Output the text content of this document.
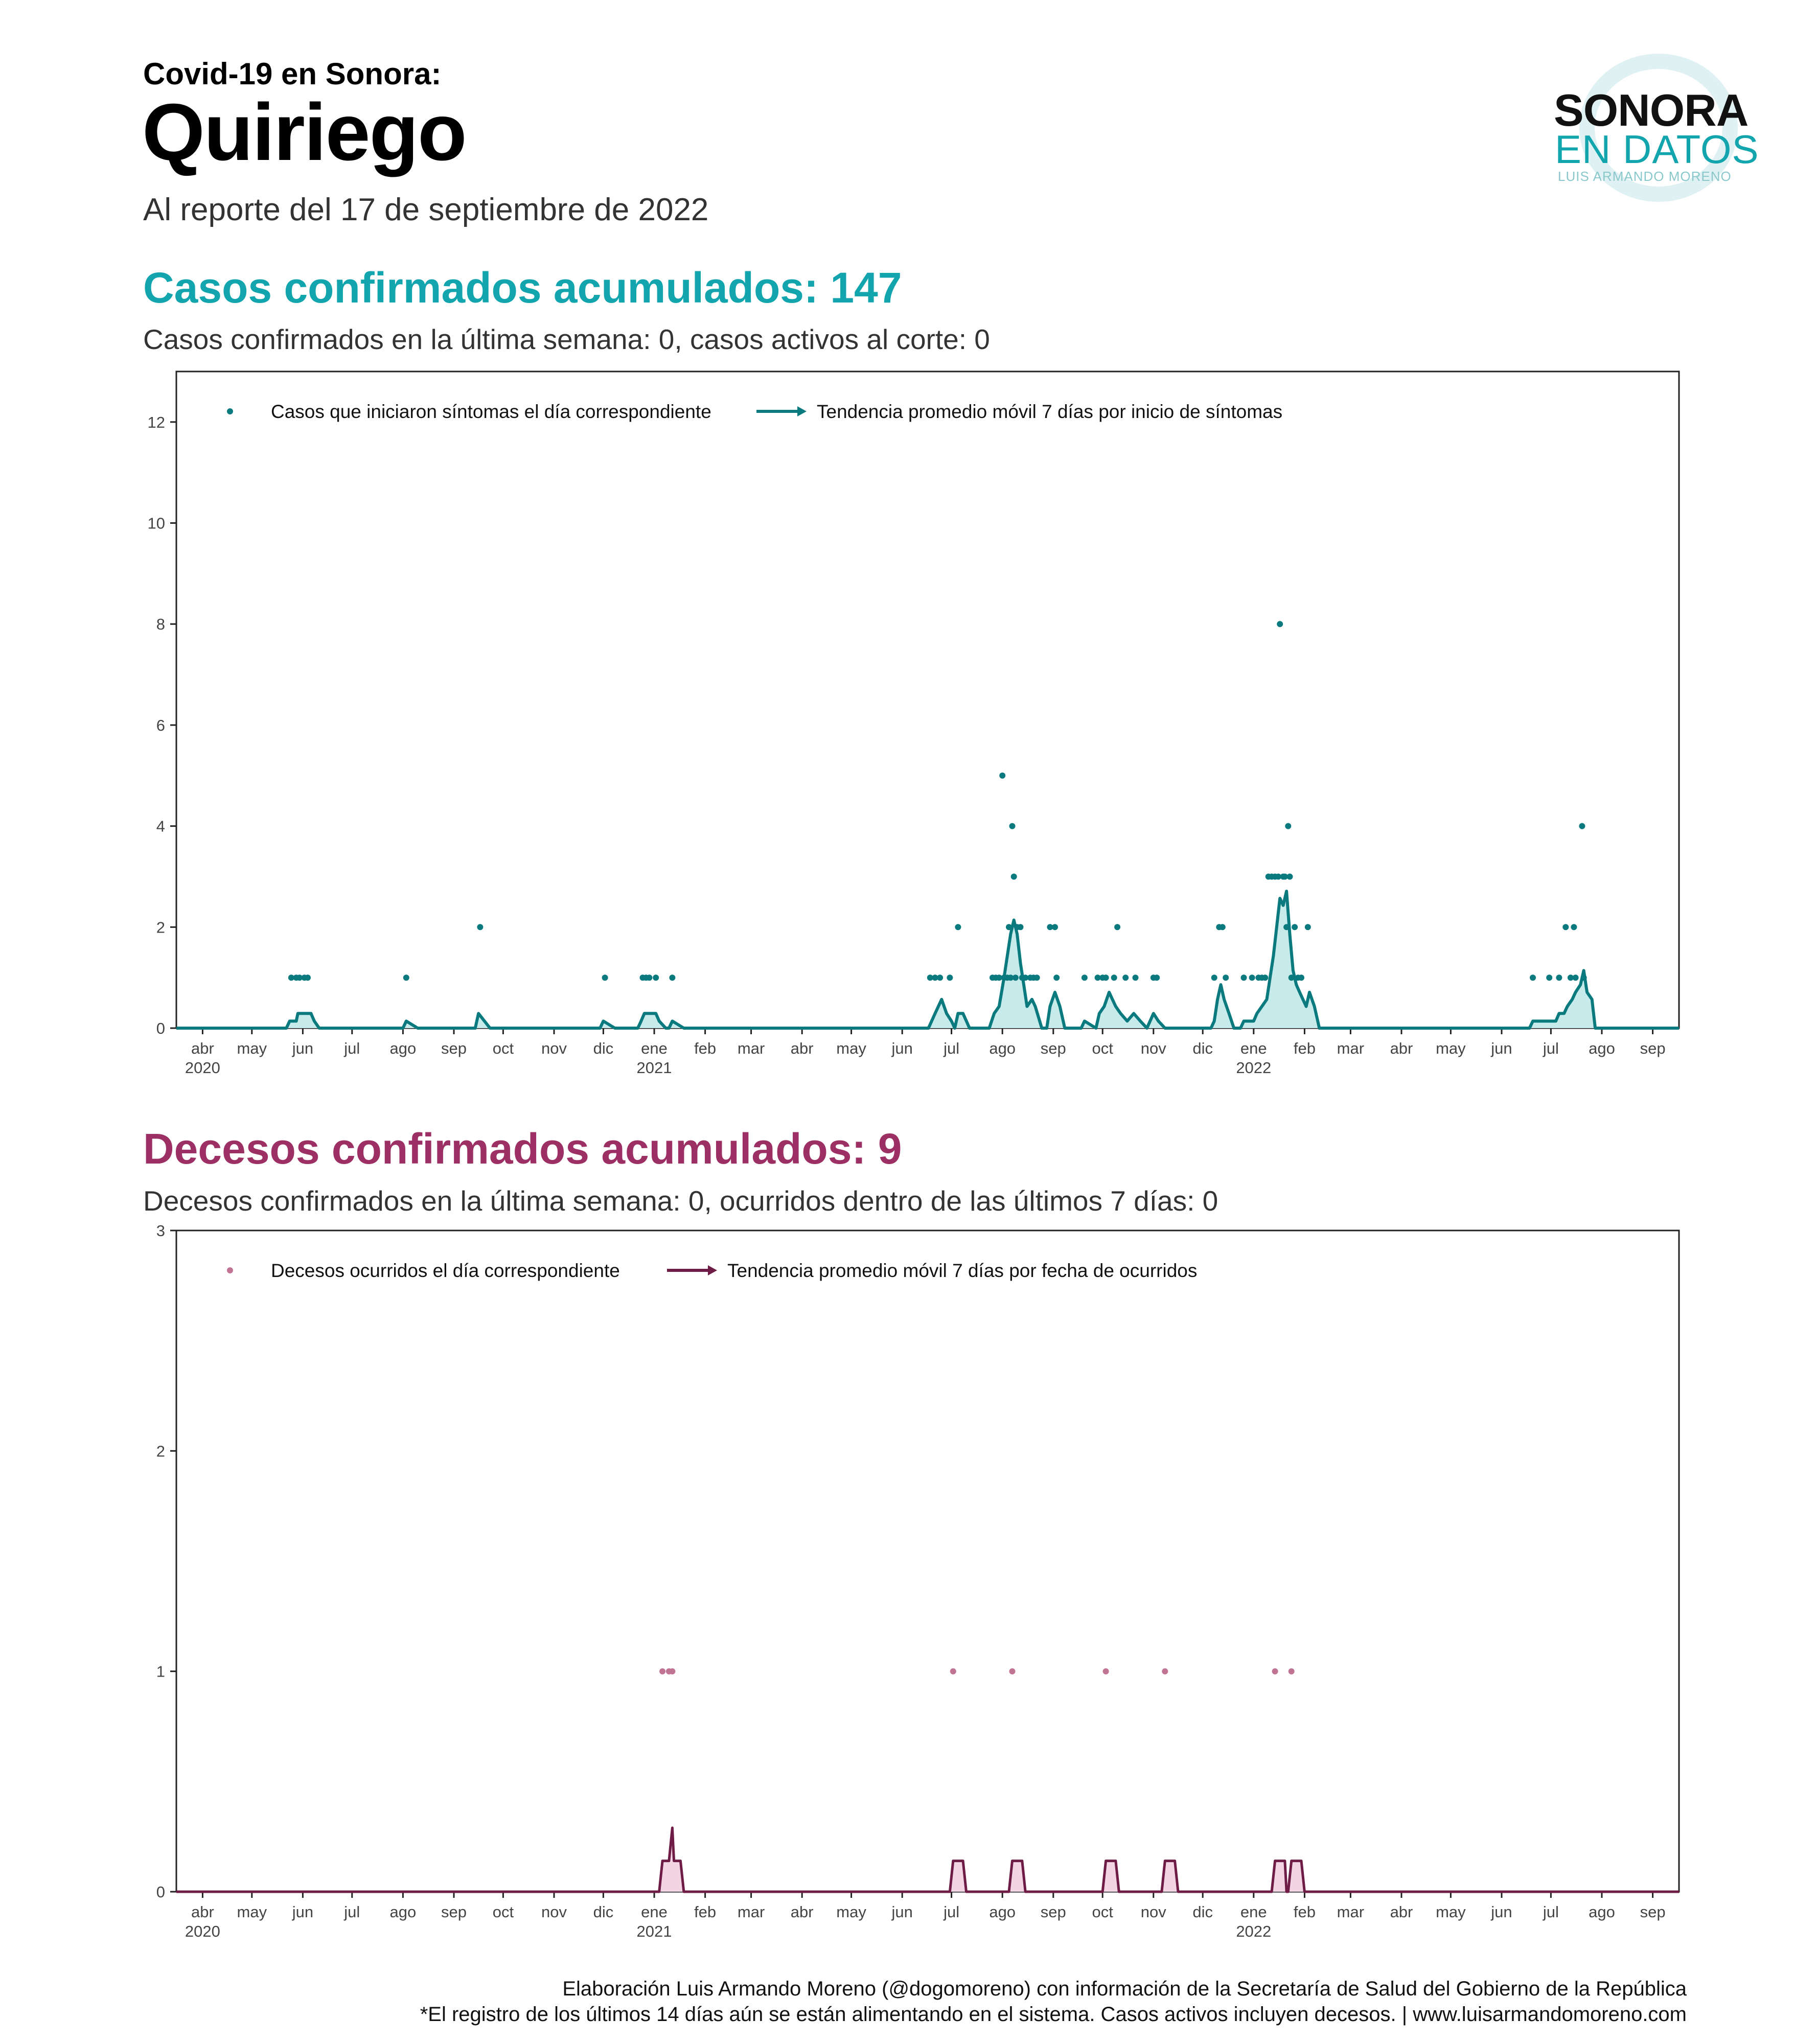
Covid-19 en Sonora:
Quiriego
Al reporte del 17 de septiembre de 2022
SONORA
EN DATOS
LUIS ARMANDO MORENO
Casos confirmados acumulados: 147
Casos confirmados en la última semana: 0, casos activos al corte: 0
0
2
4
6
8
10
12
abr
2020
may jun jul ago sep oct nov dic ene
2021
feb mar abr may jun jul ago sep oct nov dic ene
2022
feb mar abr may jun jul ago sep
Casos que iniciaron síntomas el día correspondiente	Tendencia promedio móvil 7 días por inicio de síntomas
Decesos confirmados acumulados: 9
Decesos confirmados en la última semana: 0, ocurridos dentro de las últimos 7 días: 0
0
1
2
3
abr
2020
may jun jul ago sep oct nov dic ene
2021
feb mar abr may jun jul ago sep oct nov dic ene
2022
feb mar abr may jun jul ago sep
Decesos ocurridos el día correspondiente	Tendencia promedio móvil 7 días por fecha de ocurridos
Elaboración Luis Armando Moreno (@dogomoreno) con información de la Secretaría de Salud del Gobierno de la República
*El registro de los últimos 14 días aún se están alimentando en el sistema. Casos activos incluyen decesos. | www.luisarmandomoreno.com
